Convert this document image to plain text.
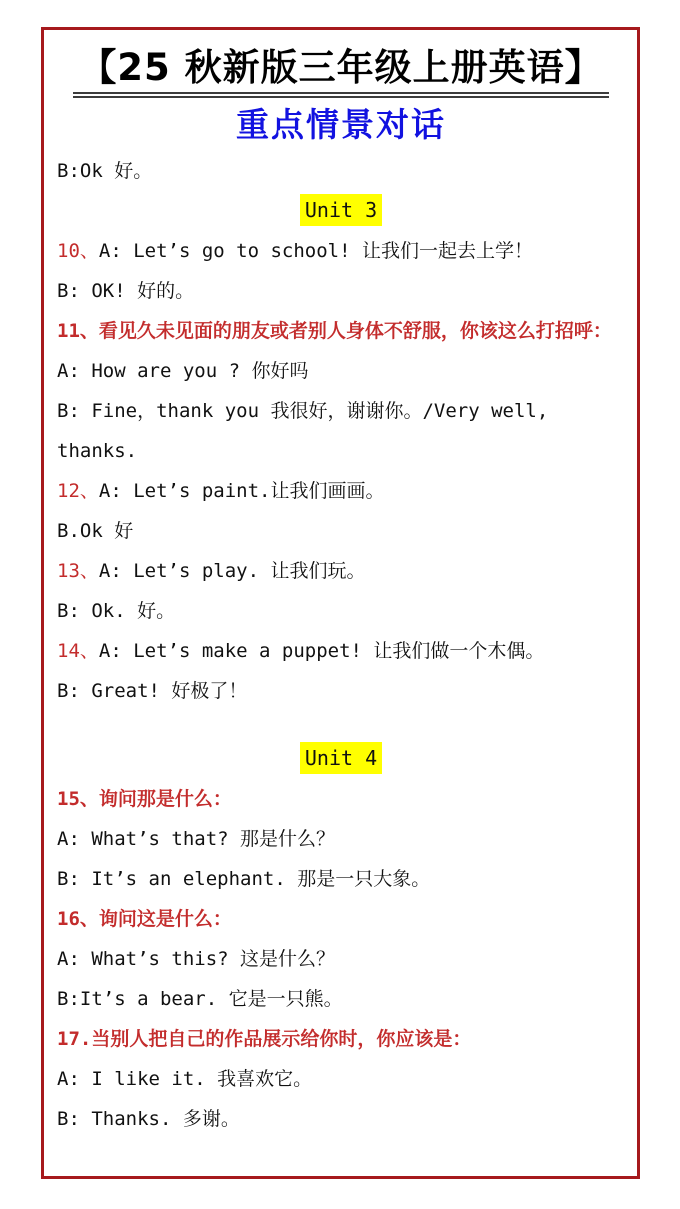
【25 秋新版三年级上册英语】
重点情景对话
B:Ok 好。
Unit 3
10、A: Let’s go to school! 让我们一起去上学！
B: OK! 好的。
11、看见久未见面的朋友或者别人身体不舒服，你该这么打招呼：
A: How are you ? 你好吗
B: Fine，thank you 我很好，谢谢你。/Very well, thanks.
12、A: Let’s paint.让我们画画。
B.Ok 好
13、A: Let’s play. 让我们玩。
B: Ok. 好。
14、A: Let’s make a puppet! 让我们做一个木偶。
B: Great! 好极了！
Unit 4
15、询问那是什么：
A: What’s that? 那是什么？
B: It’s an elephant. 那是一只大象。
16、询问这是什么：
A: What’s this? 这是什么？
B:It’s a bear. 它是一只熊。
17.当别人把自己的作品展示给你时，你应该是：
A: I like it. 我喜欢它。
B: Thanks. 多谢。
